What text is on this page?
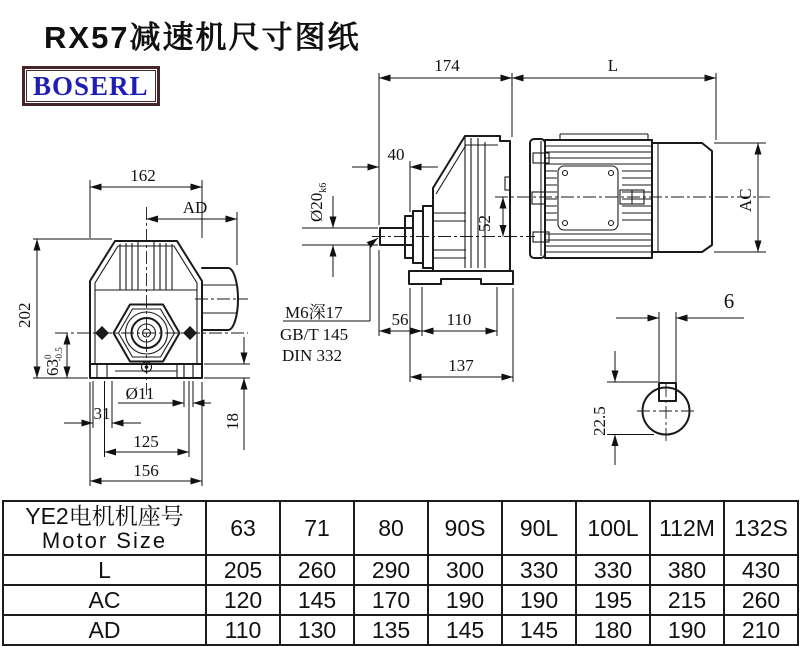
RX57减速机尺寸图纸
BOSERL
162
AD
202
$63^0-0.5$
31
Ø11
125
156
18
174	L
40
$Ø20_{k6}$
52
M6深17
GB/T 145
DIN 332
56 110
137
AC
6
22.5
YE2电机机座号
Motor Size	63	71	80	90S	90L	100L	112M	132S
L	205	260	290	300	330	330	380	430
AC	120	145	170	190	190	195	215	260
AD	110	130	135	145	145	180	190	210
